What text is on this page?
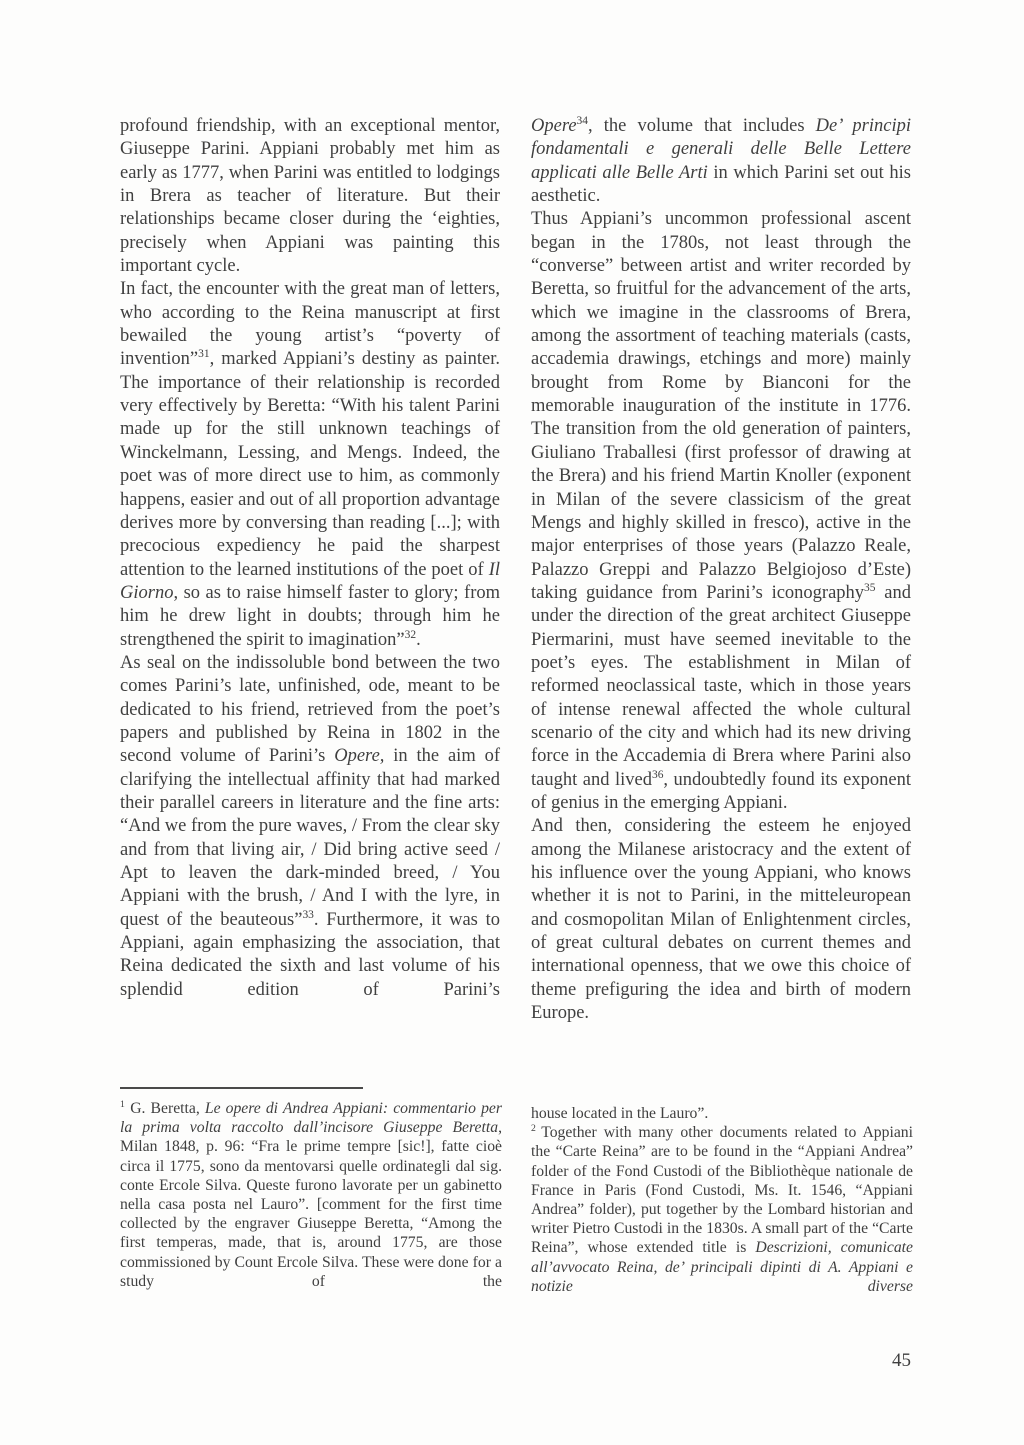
profound friendship, with an exceptional mentor, Giuseppe Parini. Appiani probably met him as early as 1777, when Parini was entitled to lodgings in Brera as teacher of literature. But their relationships became closer during the ‘eighties, precisely when Appiani was painting this important cycle.

In fact, the encounter with the great man of letters, who according to the Reina manuscript at first bewailed the young artist’s “poverty of invention”$^{31}$, marked Appiani’s destiny as painter. The importance of their relationship is recorded very effectively by Beretta: “With his talent Parini made up for the still unknown teachings of Winckelmann, Lessing, and Mengs. Indeed, the poet was of more direct use to him, as commonly happens, easier and out of all proportion advantage derives more by conversing than reading [...]; with precocious expediency he paid the sharpest attention to the learned institutions of the poet of Il Giorno, so as to raise himself faster to glory; from him he drew light in doubts; through him he strengthened the spirit to imagination”$^{32}$.

As seal on the indissoluble bond between the two comes Parini’s late, unfinished, ode, meant to be dedicated to his friend, retrieved from the poet’s papers and published by Reina in 1802 in the second volume of Parini’s Opere, in the aim of clarifying the intellectual affinity that had marked their parallel careers in literature and the fine arts: “And we from the pure waves, / From the clear sky and from that living air, / Did bring active seed / Apt to leaven the dark-minded breed, / You Appiani with the brush, / And I with the lyre, in quest of the beauteous”$^{33}$. Furthermore, it was to Appiani, again emphasizing the association, that Reina dedicated the sixth and last volume of his splendid edition of Parini’s

Opere$^{34}$, the volume that includes De’ principi fondamentali e generali delle Belle Lettere applicati alle Belle Arti in which Parini set out his aesthetic.

Thus Appiani’s uncommon professional ascent began in the 1780s, not least through the “converse” between artist and writer recorded by Beretta, so fruitful for the advancement of the arts, which we imagine in the classrooms of Brera, among the assortment of teaching materials (casts, accademia drawings, etchings and more) mainly brought from Rome by Bianconi for the memorable inauguration of the institute in 1776. The transition from the old generation of painters, Giuliano Traballesi (first professor of drawing at the Brera) and his friend Martin Knoller (exponent in Milan of the severe classicism of the great Mengs and highly skilled in fresco), active in the major enterprises of those years (Palazzo Reale, Palazzo Greppi and Palazzo Belgiojoso d’Este) taking guidance from Parini’s iconography$^{35}$ and under the direction of the great architect Giuseppe Piermarini, must have seemed inevitable to the poet’s eyes. The establishment in Milan of reformed neoclassical taste, which in those years of intense renewal affected the whole cultural scenario of the city and which had its new driving force in the Accademia di Brera where Parini also taught and lived$^{36}$, undoubtedly found its exponent of genius in the emerging Appiani.

And then, considering the esteem he enjoyed among the Milanese aristocracy and the extent of his influence over the young Appiani, who knows whether it is not to Parini, in the mitteleuropean and cosmopolitan Milan of Enlightenment circles, of great cultural debates on current themes and international openness, that we owe this choice of theme prefiguring the idea and birth of modern Europe.

$^1$ G. Beretta, Le opere di Andrea Appiani: commentario per la prima volta raccolto dall’incisore Giuseppe Beretta, Milan 1848, p. 96: “Fra le prime tempre [sic!], fatte cioè circa il 1775, sono da mentovarsi quelle ordinategli dal sig. conte Ercole Silva. Queste furono lavorate per un gabinetto nella casa posta nel Lauro”. [comment for the first time collected by the engraver Giuseppe Beretta, “Among the first temperas, made, that is, around 1775, are those commissioned by Count Ercole Silva. These were done for a study of the

house located in the Lauro”.

$^2$ Together with many other documents related to Appiani the “Carte Reina” are to be found in the “Appiani Andrea” folder of the Fond Custodi of the Bibliothèque nationale de France in Paris (Fond Custodi, Ms. It. 1546, “Appiani Andrea” folder), put together by the Lombard historian and writer Pietro Custodi in the 1830s. A small part of the “Carte Reina”, whose extended title is Descrizioni, comunicate all’avvocato Reina, de’ principali dipinti di A. Appiani e notizie diverse

45
